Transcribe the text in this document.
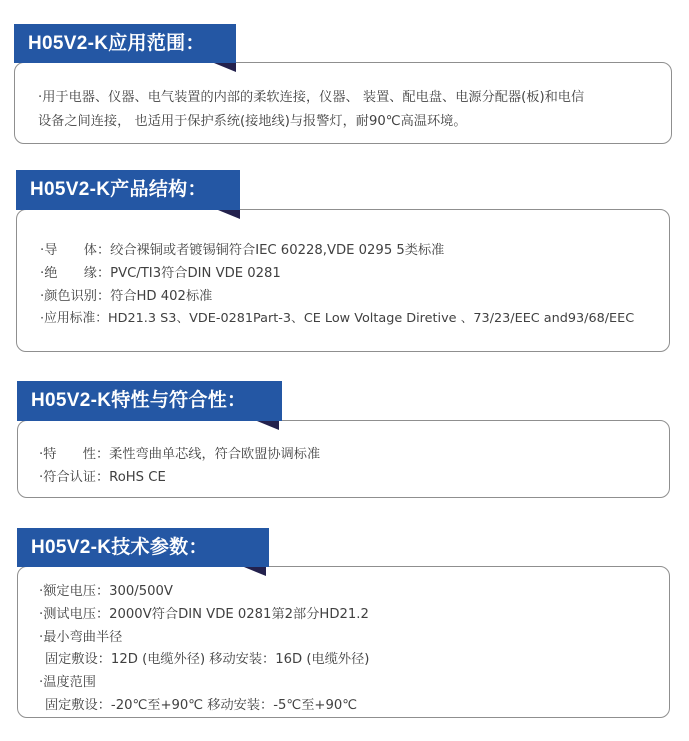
H05V2-K应用范围：
·用于电器、仪器、电气装置的内部的柔软连接，仪器、 装置、配电盘、电源分配器(板)和电信
设备之间连接， 也适用于保护系统(接地线)与报警灯，耐90℃高温环境。
H05V2-K产品结构：
·导　　体：绞合裸铜或者镀锡铜符合IEC 60228,VDE 0295 5类标准
·绝　　缘：PVC/TI3符合DIN VDE 0281
·颜色识别：符合HD 402标准
·应用标准：HD21.3 S3、VDE-0281Part-3、CE Low Voltage Diretive 、73/23/EEC and93/68/EEC
H05V2-K特性与符合性：
·特　　性：柔性弯曲单芯线，符合欧盟协调标准
·符合认证：RoHS CE
H05V2-K技术参数：
·额定电压：300/500V
·测试电压：2000V符合DIN VDE 0281第2部分HD21.2
·最小弯曲半径
固定敷设：12D (电缆外径) 移动安装：16D (电缆外径)
·温度范围
固定敷设：-20℃至+90℃ 移动安装：-5℃至+90℃
